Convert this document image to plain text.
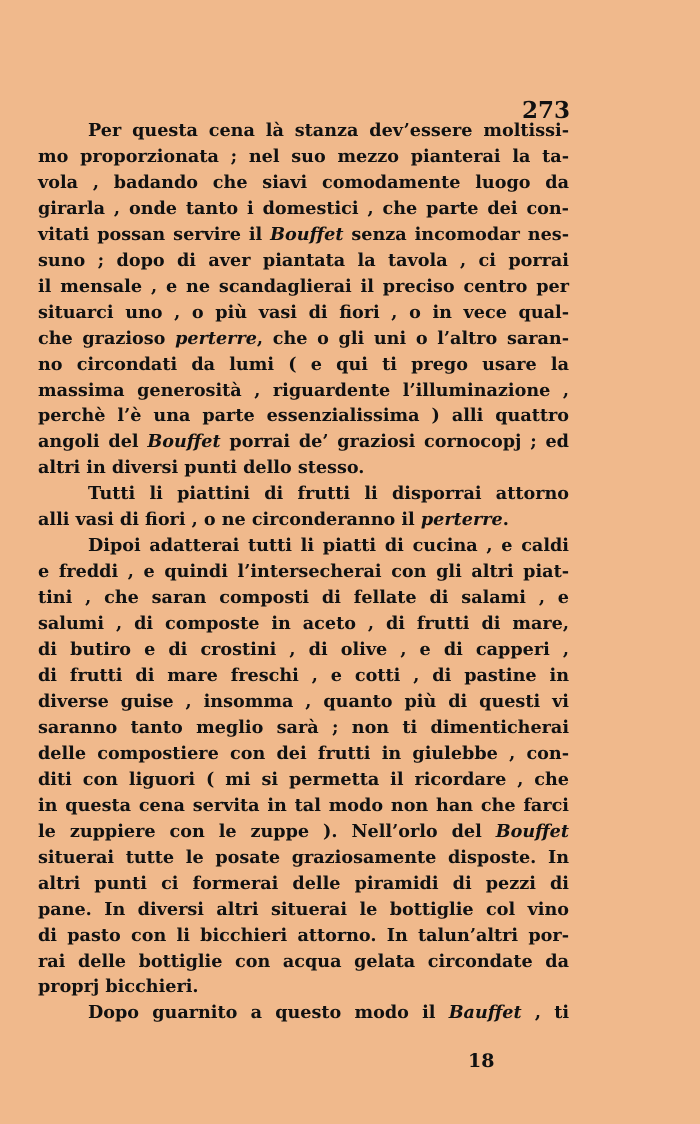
273

Per questa cena là stanza dev’essere moltissi-

mo proporzionata ; nel suo mezzo pianterai la ta-

vola , badando che siavi comodamente luogo da

girarla , onde tanto i domestici , che parte dei con-

vitati possan servire il Bouffet senza incomodar nes-

suno ; dopo di aver piantata la tavola , ci porrai

il mensale , e ne scandaglierai il preciso centro per

situarci uno , o più vasi di fiori , o in vece qual-

che grazioso perterre, che o gli uni o l’altro saran-

no circondati da lumi ( e qui ti prego usare la

massima generosità , riguardente l’illuminazione ,

perchè l’è una parte essenzialissima ) alli quattro

angoli del Bouffet porrai de’ graziosi cornocopj ; ed

altri in diversi punti dello stesso.

Tutti li piattini di frutti li disporrai attorno

alli vasi di fiori , o ne circonderanno il perterre.

Dipoi adatterai tutti li piatti di cucina , e caldi

e freddi , e quindi l’intersecherai con gli altri piat-

tini , che saran composti di fellate di salami , e

salumi , di composte in aceto , di frutti di mare,

di butiro e di crostini , di olive , e di capperi ,

di frutti di mare freschi , e cotti , di pastine in

diverse guise , insomma , quanto più di questi vi

saranno tanto meglio sarà ; non ti dimenticherai

delle compostiere con dei frutti in giulebbe , con-

diti con liguori ( mi si permetta il ricordare , che

in questa cena servita in tal modo non han che farci

le zuppiere con le zuppe ). Nell’orlo del Bouffet

situerai tutte le posate graziosamente disposte. In

altri punti ci formerai delle piramidi di pezzi di

pane. In diversi altri situerai le bottiglie col vino

di pasto con li bicchieri attorno. In talun’altri por-

rai delle bottiglie con acqua gelata circondate da

proprj bicchieri.

Dopo guarnito a questo modo il Bauffet , ti

18
